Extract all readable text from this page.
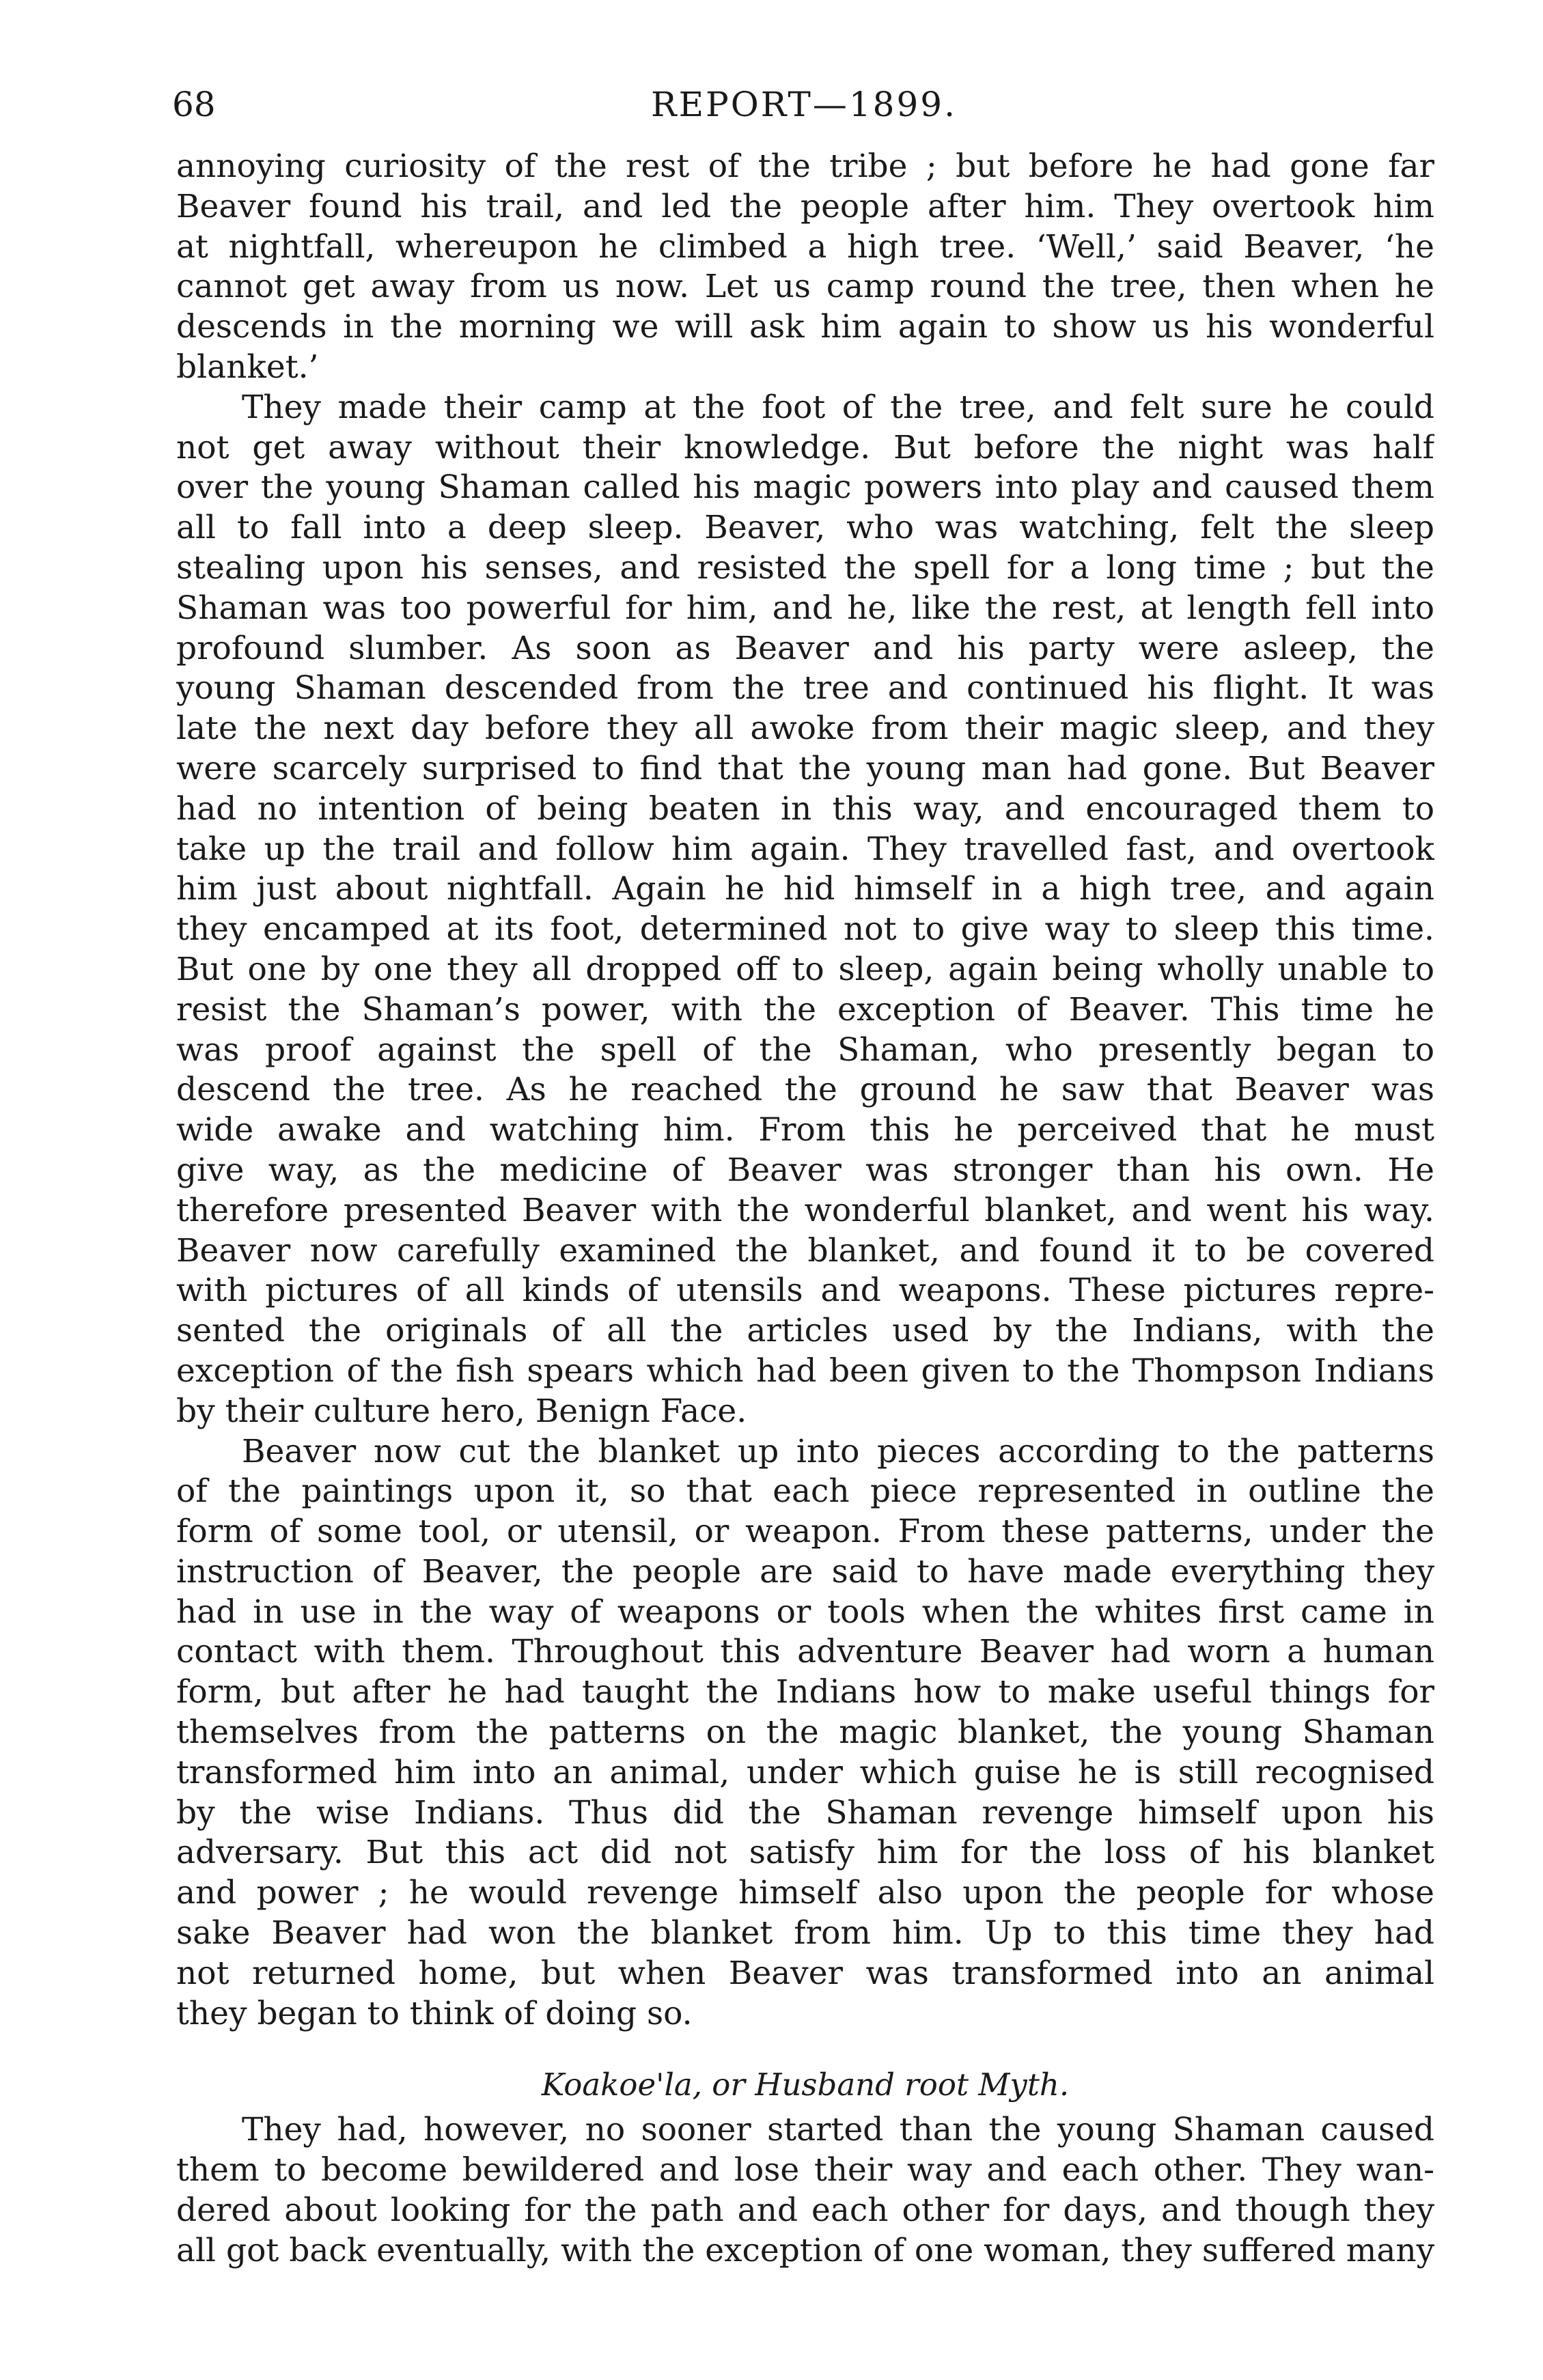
68	REPORT—1899.
annoying curiosity of the rest of the tribe ; but before he had gone far
Beaver found his trail, and led the people after him. They overtook him
at nightfall, whereupon he climbed a high tree. ‘Well,’ said Beaver, ‘he
cannot get away from us now. Let us camp round the tree, then when he
descends in the morning we will ask him again to show us his wonderful
blanket.’
They made their camp at the foot of the tree, and felt sure he could
not get away without their knowledge. But before the night was half
over the young Shaman called his magic powers into play and caused them
all to fall into a deep sleep. Beaver, who was watching, felt the sleep
stealing upon his senses, and resisted the spell for a long time ; but the
Shaman was too powerful for him, and he, like the rest, at length fell into
profound slumber. As soon as Beaver and his party were asleep, the
young Shaman descended from the tree and continued his flight. It was
late the next day before they all awoke from their magic sleep, and they
were scarcely surprised to find that the young man had gone. But Beaver
had no intention of being beaten in this way, and encouraged them to
take up the trail and follow him again. They travelled fast, and overtook
him just about nightfall. Again he hid himself in a high tree, and again
they encamped at its foot, determined not to give way to sleep this time.
But one by one they all dropped off to sleep, again being wholly unable to
resist the Shaman’s power, with the exception of Beaver. This time he
was proof against the spell of the Shaman, who presently began to
descend the tree. As he reached the ground he saw that Beaver was
wide awake and watching him. From this he perceived that he must
give way, as the medicine of Beaver was stronger than his own. He
therefore presented Beaver with the wonderful blanket, and went his way.
Beaver now carefully examined the blanket, and found it to be covered
with pictures of all kinds of utensils and weapons. These pictures repre-
sented the originals of all the articles used by the Indians, with the
exception of the fish spears which had been given to the Thompson Indians
by their culture hero, Benign Face.
Beaver now cut the blanket up into pieces according to the patterns
of the paintings upon it, so that each piece represented in outline the
form of some tool, or utensil, or weapon. From these patterns, under the
instruction of Beaver, the people are said to have made everything they
had in use in the way of weapons or tools when the whites first came in
contact with them. Throughout this adventure Beaver had worn a human
form, but after he had taught the Indians how to make useful things for
themselves from the patterns on the magic blanket, the young Shaman
transformed him into an animal, under which guise he is still recognised
by the wise Indians. Thus did the Shaman revenge himself upon his
adversary. But this act did not satisfy him for the loss of his blanket
and power ; he would revenge himself also upon the people for whose
sake Beaver had won the blanket from him. Up to this time they had
not returned home, but when Beaver was transformed into an animal
they began to think of doing so.
Koakoe'la, or Husband root Myth.
They had, however, no sooner started than the young Shaman caused
them to become bewildered and lose their way and each other. They wan-
dered about looking for the path and each other for days, and though they
all got back eventually, with the exception of one woman, they suffered many
